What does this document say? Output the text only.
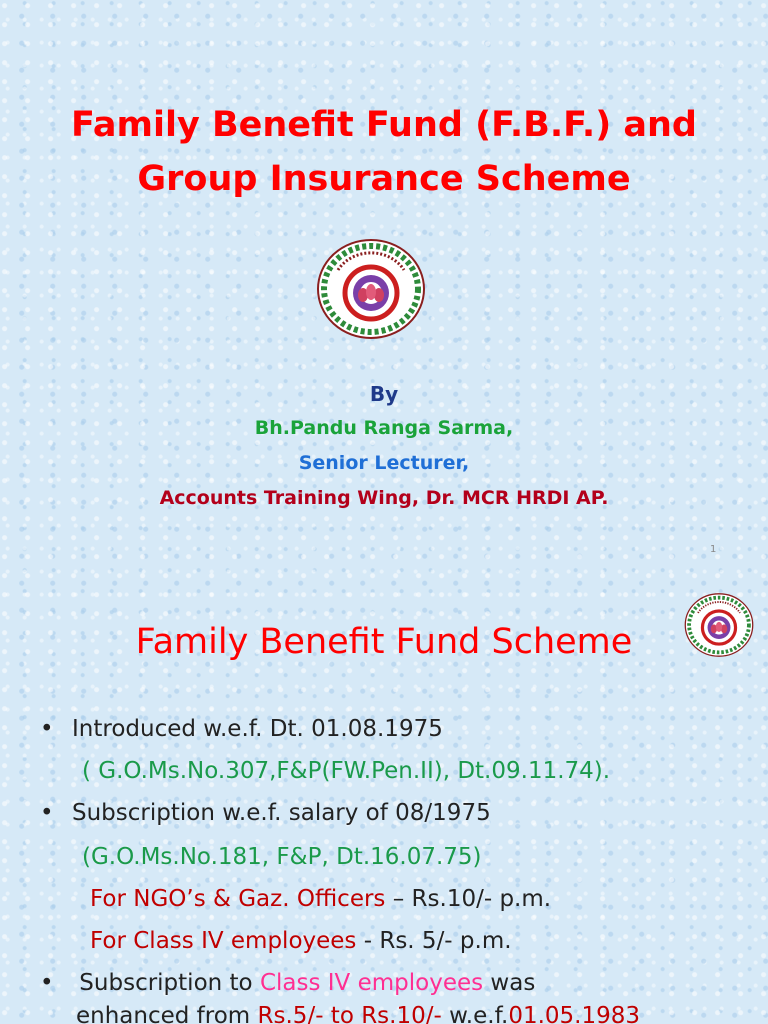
Family Benefit Fund (F.B.F.) and
Group Insurance Scheme
By
Bh.Pandu Ranga Sarma,
Senior Lecturer,
Accounts Training Wing, Dr. MCR HRDI AP.
1
Family Benefit Fund Scheme
• Introduced w.e.f. Dt. 01.08.1975
( G.O.Ms.No.307,F&P(FW.Pen.II), Dt.09.11.74).
• Subscription w.e.f. salary of 08/1975
(G.O.Ms.No.181, F&P, Dt.16.07.75)
For NGO’s & Gaz. Officers – Rs.10/- p.m.
For Class IV employees - Rs. 5/- p.m.
• Subscription to Class IV employees was
enhanced from Rs.5/- to Rs.10/- w.e.f.01.05.1983
